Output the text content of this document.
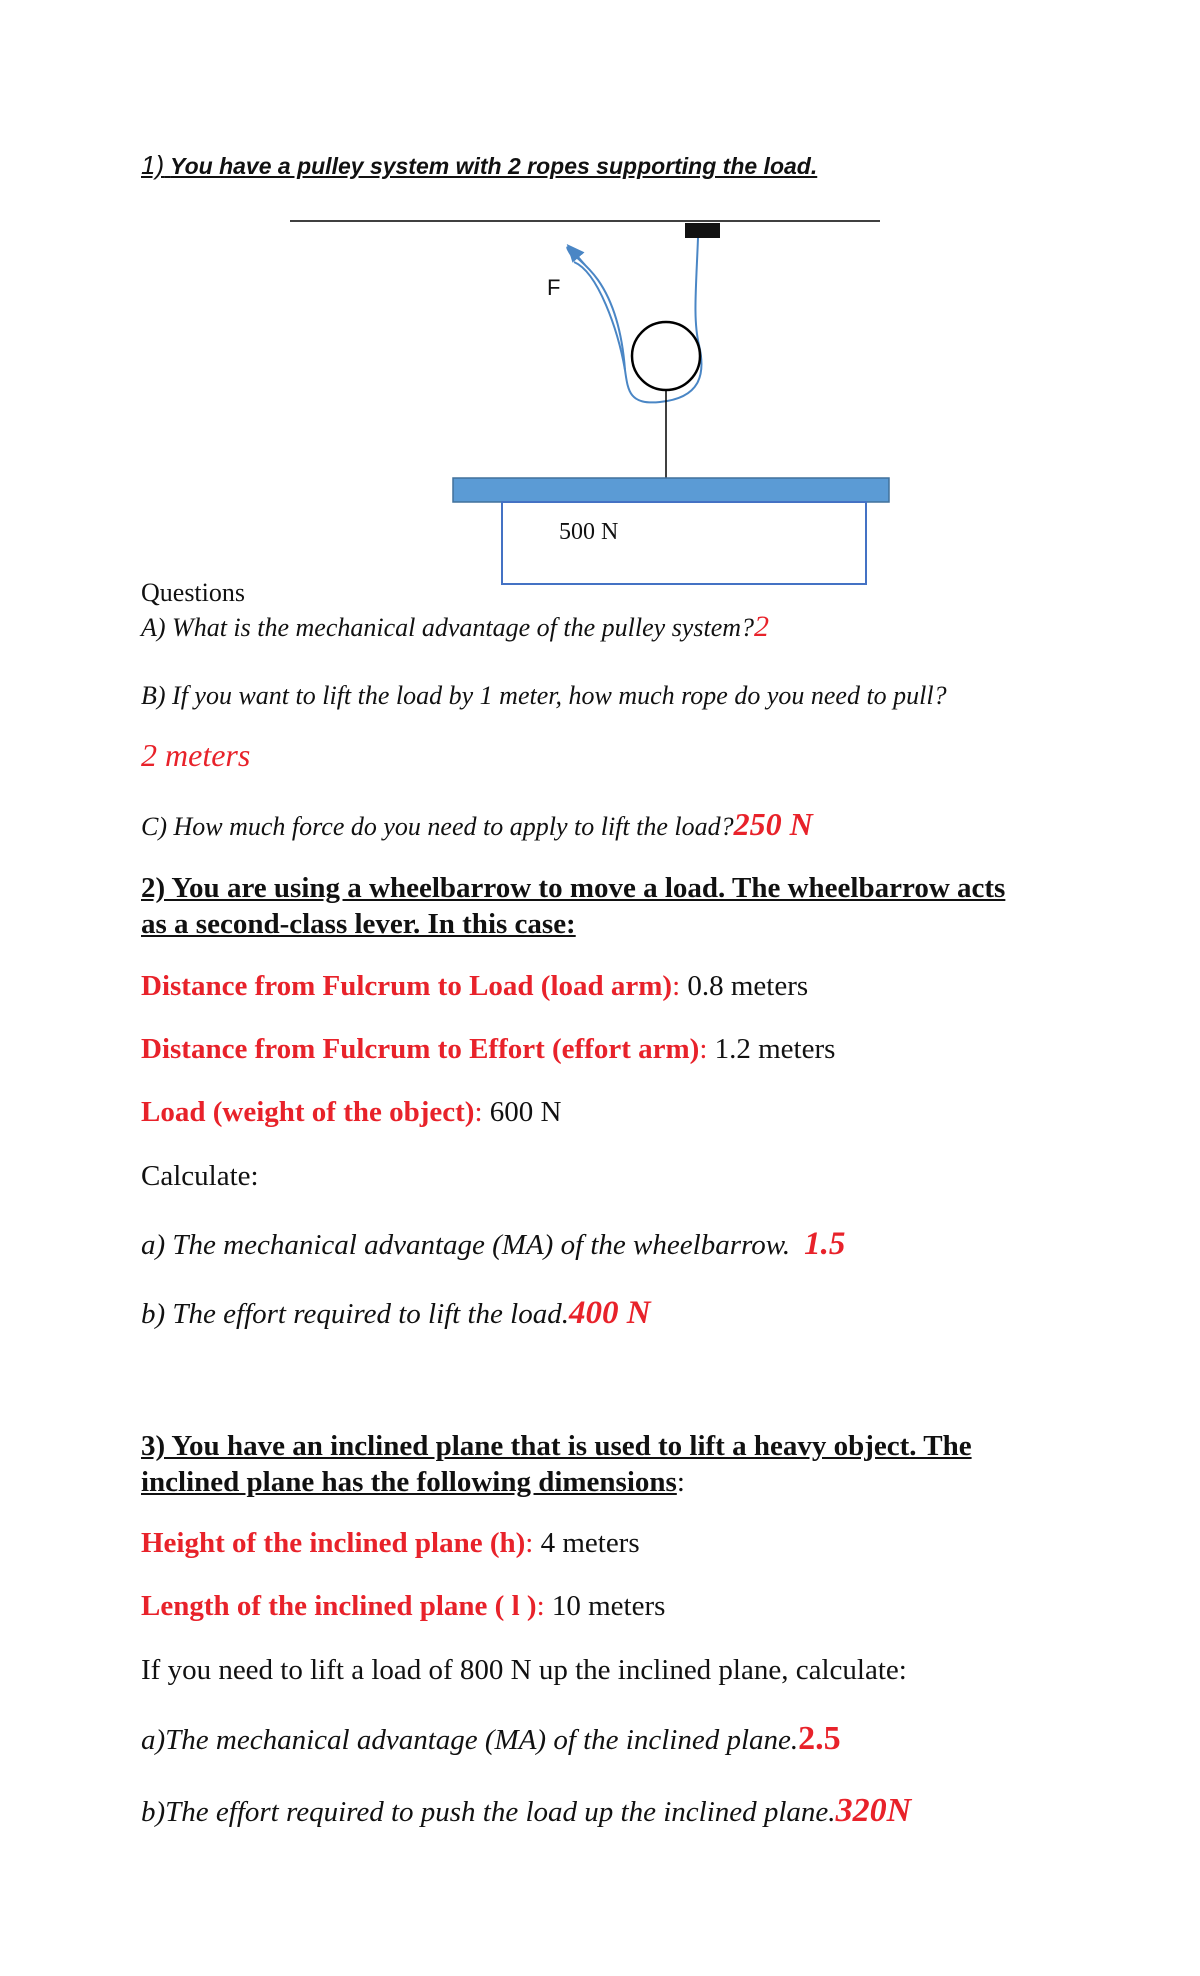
1) You have a pulley system with 2 ropes supporting the load.
F
500 N
Questions
A) What is the mechanical advantage of the pulley system?2
B) If you want to lift the load by 1 meter, how much rope do you need to pull?
2 meters
C) How much force do you need to apply to lift the load?250 N
2) You are using a wheelbarrow to move a load. The wheelbarrow acts
as a second-class lever. In this case:
Distance from Fulcrum to Load (load arm): 0.8 meters
Distance from Fulcrum to Effort (effort arm): 1.2 meters
Load (weight of the object): 600 N
Calculate:
a) The mechanical advantage (MA) of the wheelbarrow. 1.5
b) The effort required to lift the load.400 N
3) You have an inclined plane that is used to lift a heavy object. The
inclined plane has the following dimensions:
Height of the inclined plane (h): 4 meters
Length of the inclined plane ( l ): 10 meters
If you need to lift a load of 800 N up the inclined plane, calculate:
a)The mechanical advantage (MA) of the inclined plane.2.5
b)The effort required to push the load up the inclined plane.320N
